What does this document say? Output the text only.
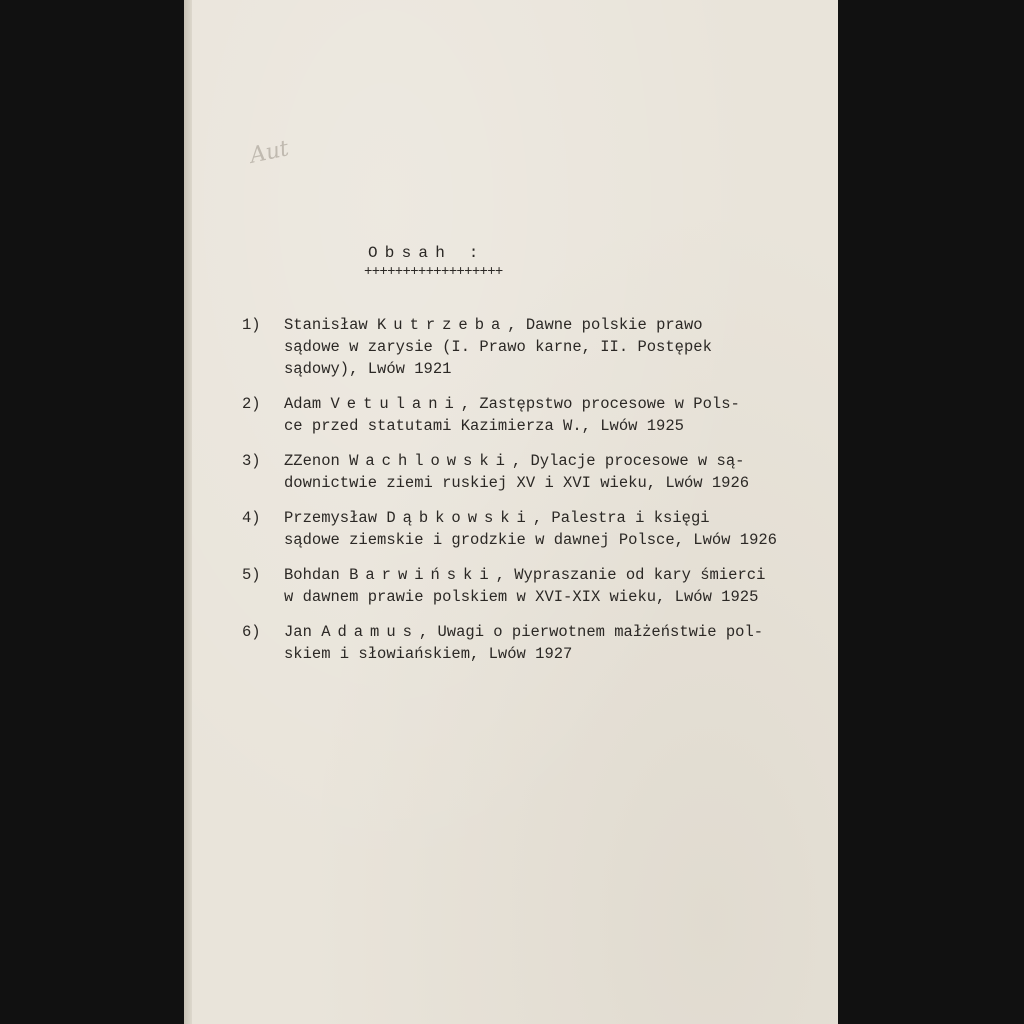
Aut
Obsah :
++++++++++++++++++
1)	Stanisław Kutrzeba, Dawne polskie prawo
sądowe w zarysie (I. Prawo karne, II. Postępek
sądowy), Lwów 1921
2)	Adam Vetulani, Zastępstwo procesowe w Pols-
ce przed statutami Kazimierza W., Lwów 1925
3)	ZZenon Wachlowski, Dylacje procesowe w są-
downictwie ziemi ruskiej XV i XVI wieku, Lwów 1926
4)	Przemysław Dąbkowski, Palestra i księgi
sądowe ziemskie i grodzkie w dawnej Polsce, Lwów 1926
5)	Bohdan Barwiński, Wypraszanie od kary śmierci
w dawnem prawie polskiem w XVI-XIX wieku, Lwów 1925
6)	Jan Adamus, Uwagi o pierwotnem małżeństwie pol-
skiem i słowiańskiem, Lwów 1927
